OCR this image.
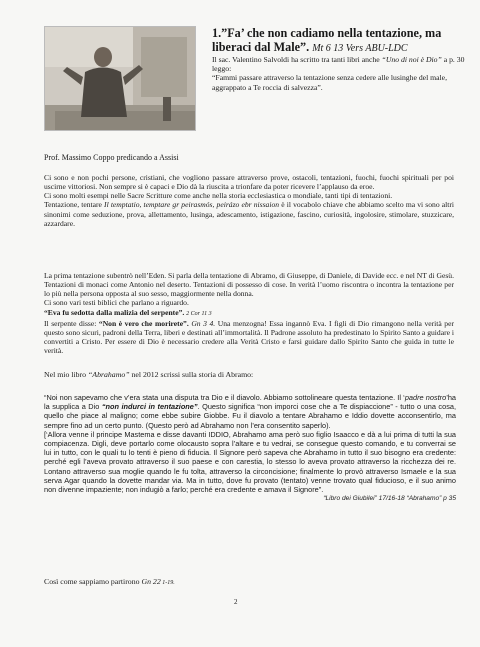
1.”Fa’ che non cadiamo nella tentazione, ma
liberaci dal Male”. Mt 6 13 Vers ABU-LDC
Il sac. Valentino Salvoldi ha scritto tra tanti libri anche “Uno di noi è Dio” a p. 30 leggo:
“Fammi passare attraverso la tentazione senza cedere alle lusinghe del male, aggrappato a Te roccia di salvezza”.
Prof. Massimo Coppo predicando a Assisi

Ci sono e non pochi persone, cristiani, che vogliono passare attraverso prove, ostacoli, tentazioni, fuochi, fuochi spirituali per poi uscirne vittoriosi. Non sempre si è capaci e Dio dà la riuscita a trionfare da poter ricevere l’applauso da eroe.

Ci sono molti esempi nelle Sacre Scritture come anche nella storia ecclesiastica o mondiale, tanti tipi di tentazioni.

Tentazione, tentare Il temptatio, temptare gr peirasmós, peirázo ebr nissaion è il vocabolo chiave che abbiamo scelto ma vi sono altri sinonimi come seduzione, prova, allettamento, lusinga, adescamento, istigazione, fascino, curiosità, ingolosire, stimolare, stuzzicare, azzardare.

La prima tentazione subentrò nell’Eden. Si parla della tentazione di Abramo, di Giuseppe, di Daniele, di Davide ecc. e nel NT di Gesù. Tentazioni di monaci come Antonio nel deserto. Tentazioni di possesso di cose. In verità l’uomo riscontra o incontra la tentazione per lo più nella persona opposta al suo sesso, maggiormente nella donna.

Ci sono vari testi biblici che parlano a riguardo.

“Eva fu sedotta dalla malizia del serpente”. 2 Cor 11 3

Il serpente disse: “Non è vero che morirete”. Gn 3 4. Una menzogna! Essa ingannò Eva. I figli di Dio rimangono nella verità per questo sono sicuri, padroni della Terra, liberi e destinati all’immortalità. Il Padrone assoluto ha predestinato lo Spirito Santo a guidare i convertiti a Cristo. Per essere di Dio è necessario credere alla Verità Cristo e farsi guidare dallo Spirito Santo che guida in tutte le verità.

Nel mio libro “Abrahamo” nel 2012 scrissi sulla storia di Abramo:

“Noi non sapevamo che v’era stata una disputa tra Dio e il diavolo. Abbiamo sottolineare questa tentazione. Il ‘padre nostro’ha la supplica a Dio “non indurci in tentazione”. Questo significa “non imporci cose che a Te dispiaccione” - tutto o una cosa, quello che piace al maligno; come ebbe subire Giobbe. Fu il diavolo a tentare Abrahamo e Iddio dovette acconsentirlo, ma sempre fino ad un certo punto. (Questo però ad Abrahamo non l’era consentito saperlo).

[‘Allora venne il principe Mastema e disse davanti IDDIO, Abrahamo ama però suo figlio Isaacco e dà a lui prima di tutti la sua compiacenza. Digli, deve portarlo come olocausto sopra l’altare e tu vedrai, se consegue questo comando, e tu converrai se lui in tutto, con le quali tu lo tenti è pieno di fiducia. Il Signore però sapeva che Abrahamo in tutto il suo bisogno era credente: perché egli l’aveva provato attraverso il suo paese e con carestia, lo stesso lo aveva provato attraverso la ricchezza dei re. Lontano attraverso sua moglie quando le fu tolta, attraverso la circoncisione; finalmente lo provò attraverso Ismaele e la sua serva Agar quando la dovette mandar via. Ma in tutto, dove fu provato (tentato) venne trovato qual fiducioso, e il suo animo non divenne impaziente; non indugiò a farlo; perché era credente e amava il Signore”.

“Libro dei Giubilei” 17/16-18 “Abrahamo” p 35

Così come sappiamo partirono Gn 22 1-19.
2
